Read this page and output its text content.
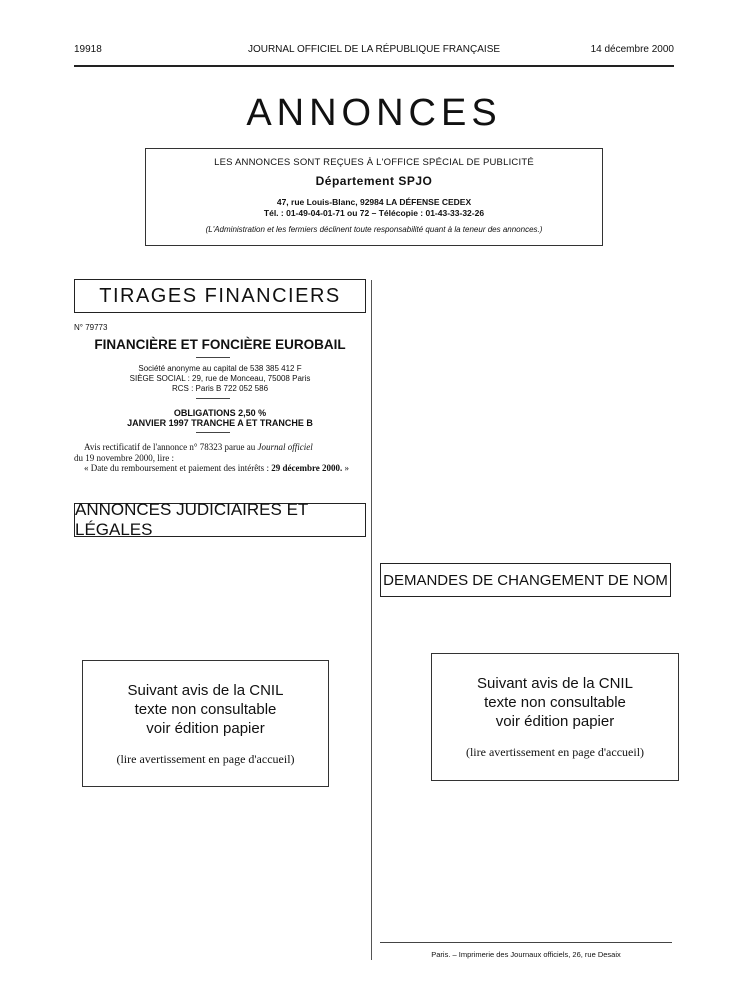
19918	JOURNAL OFFICIEL DE LA RÉPUBLIQUE FRANÇAISE	14 décembre 2000
ANNONCES
LES ANNONCES SONT REÇUES À L'OFFICE SPÉCIAL DE PUBLICITÉ
Département SPJO
47, rue Louis-Blanc, 92984 LA DÉFENSE CEDEX
Tél. : 01-49-04-01-71 ou 72 – Télécopie : 01-43-33-32-26
(L'Administration et les fermiers déclinent toute responsabilité quant à la teneur des annonces.)
TIRAGES FINANCIERS
N° 79773
FINANCIÈRE ET FONCIÈRE EUROBAIL
Société anonyme au capital de 538 385 412 F
SIÈGE SOCIAL : 29, rue de Monceau, 75008 Paris
RCS : Paris B 722 052 586
OBLIGATIONS 2,50 %
JANVIER 1997 TRANCHE A ET TRANCHE B

Avis rectificatif de l'annonce n° 78323 parue au Journal officiel

du 19 novembre 2000, lire :

« Date du remboursement et paiement des intérêts : 29 décembre 2000. »

ANNONCES JUDICIAIRES ET LÉGALES
DEMANDES DE CHANGEMENT DE NOM
Suivant avis de la CNIL
texte non consultable
voir édition papier
(lire avertissement en page d'accueil)
Suivant avis de la CNIL
texte non consultable
voir édition papier
(lire avertissement en page d'accueil)
Paris. – Imprimerie des Journaux officiels, 26, rue Desaix
